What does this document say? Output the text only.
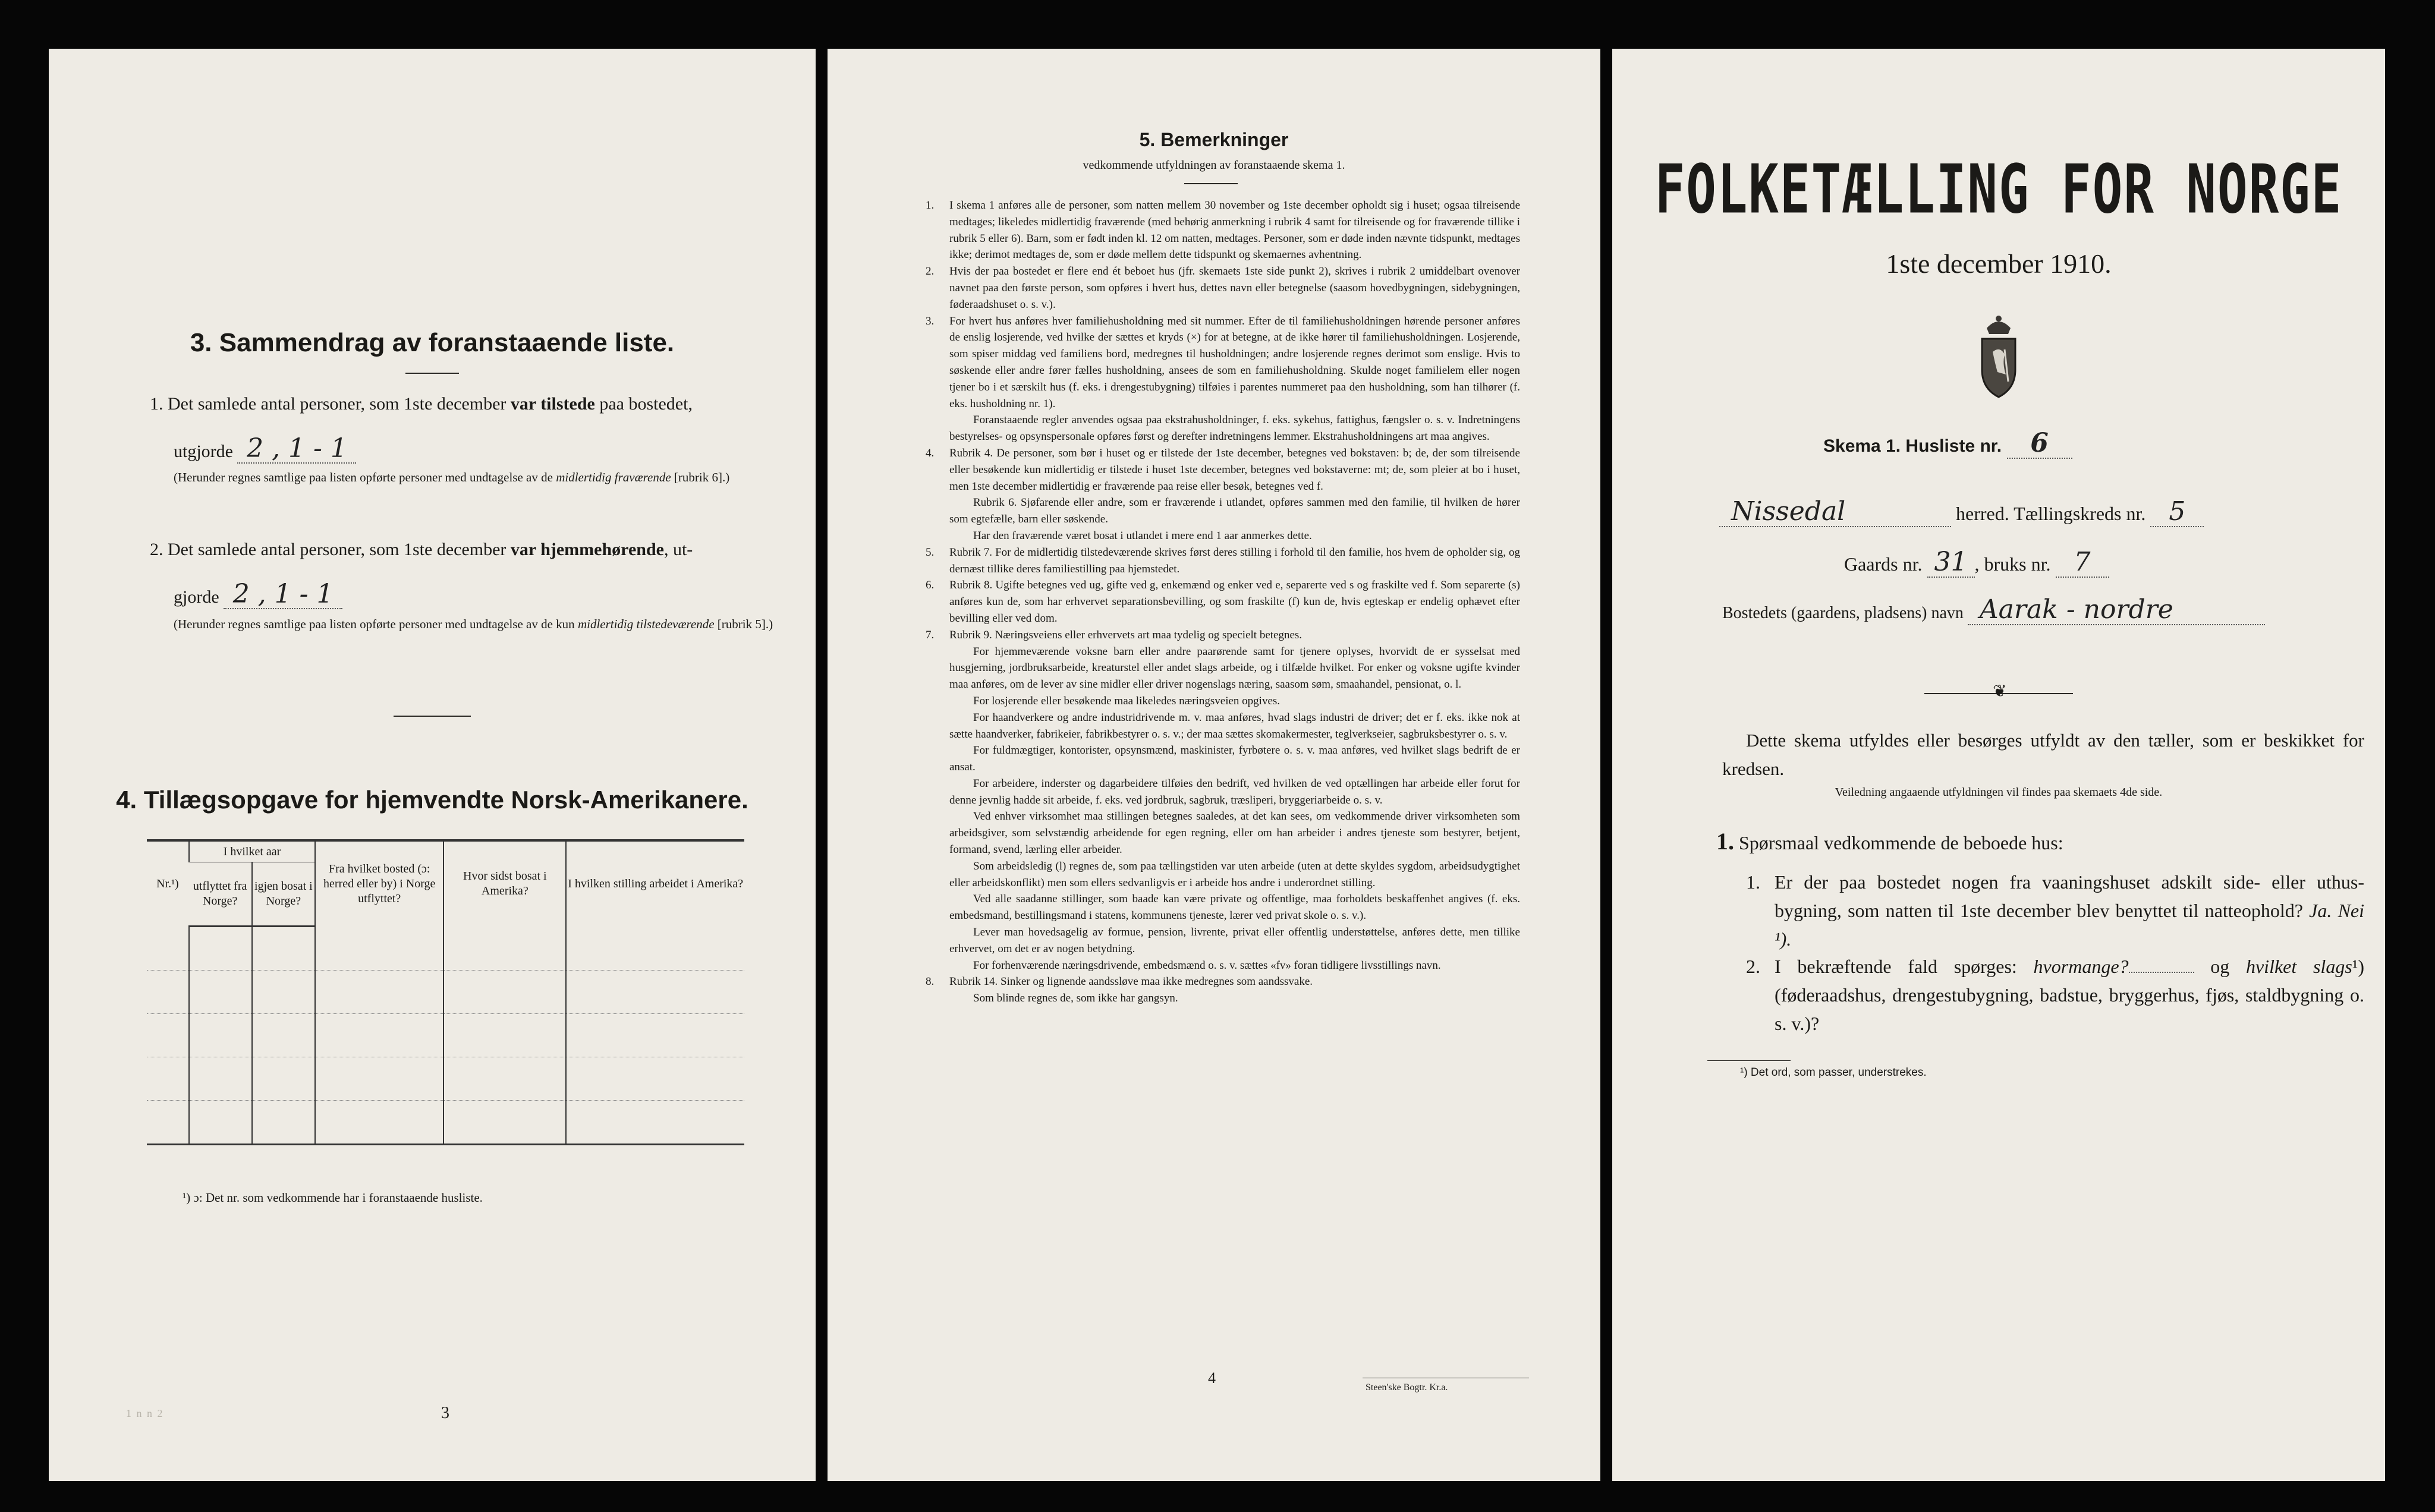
3. Sammendrag av foranstaaende liste.
1. Det samlede antal personer, som 1ste december var tilstede paa bostedet,
utgjorde 2 , 1 - 1
(Herunder regnes samtlige paa listen opførte personer med undtagelse av de midlertidig fraværende [rubrik 6].)
2. Det samlede antal personer, som 1ste december var hjemmehørende, ut-
gjorde 2 , 1 - 1
(Herunder regnes samtlige paa listen opførte personer med undtagelse av de kun midlertidig tilstedeværende [rubrik 5].)
4. Tillægsopgave for hjemvendte Norsk-Amerikanere.
Nr.¹)	I hvilket aar		Fra hvilket bosted (ɔ: herred eller by) i Norge utflyttet?	Hvor sidst bosat i Amerika?	I hvilken stilling arbeidet i Amerika?
	utflyttet fra Norge?	igjen bosat i Norge?			

¹) ɔ: Det nr. som vedkommende har i foranstaaende husliste.
3
1 n n 2
5. Bemerkninger
vedkommende utfyldningen av foranstaaende skema 1.

1. I skema 1 anføres alle de personer, som natten mellem 30 november og 1ste december opholdt sig i huset; ogsaa tilreisende medtages; likeledes midlertidig fraværende (med behørig anmerkning i rubrik 4 samt for tilreisende og for fraværende tillike i rubrik 5 eller 6). Barn, som er født inden kl. 12 om natten, medtages. Personer, som er døde inden nævnte tidspunkt, medtages ikke; derimot medtages de, som er døde mellem dette tidspunkt og skemaernes avhentning.

2. Hvis der paa bostedet er flere end ét beboet hus (jfr. skemaets 1ste side punkt 2), skrives i rubrik 2 umiddelbart ovenover navnet paa den første person, som opføres i hvert hus, dettes navn eller betegnelse (saasom hovedbygningen, sidebygningen, føderaadshuset o. s. v.).

3. For hvert hus anføres hver familiehusholdning med sit nummer. Efter de til familiehusholdningen hørende personer anføres de enslig losjerende, ved hvilke der sættes et kryds (×) for at betegne, at de ikke hører til familiehusholdningen. Losjerende, som spiser middag ved familiens bord, medregnes til husholdningen; andre losjerende regnes derimot som enslige. Hvis to søskende eller andre fører fælles husholdning, ansees de som en familiehusholdning. Skulde noget familielem eller nogen tjener bo i et særskilt hus (f. eks. i drengestubygning) tilføies i parentes nummeret paa den husholdning, som han tilhører (f. eks. husholdning nr. 1).

Foranstaaende regler anvendes ogsaa paa ekstrahusholdninger, f. eks. sykehus, fattighus, fængsler o. s. v. Indretningens bestyrelses- og opsynspersonale opføres først og derefter indretningens lemmer. Ekstrahusholdningens art maa angives.

4. Rubrik 4. De personer, som bør i huset og er tilstede der 1ste december, betegnes ved bokstaven: b; de, der som tilreisende eller besøkende kun midlertidig er tilstede i huset 1ste december, betegnes ved bokstaverne: mt; de, som pleier at bo i huset, men 1ste december midlertidig er fraværende paa reise eller besøk, betegnes ved f.

Rubrik 6. Sjøfarende eller andre, som er fraværende i utlandet, opføres sammen med den familie, til hvilken de hører som egtefælle, barn eller søskende.

Har den fraværende været bosat i utlandet i mere end 1 aar anmerkes dette.

5. Rubrik 7. For de midlertidig tilstedeværende skrives først deres stilling i forhold til den familie, hos hvem de opholder sig, og dernæst tillike deres familiestilling paa hjemstedet.

6. Rubrik 8. Ugifte betegnes ved ug, gifte ved g, enkemænd og enker ved e, separerte ved s og fraskilte ved f. Som separerte (s) anføres kun de, som har erhvervet separationsbevilling, og som fraskilte (f) kun de, hvis egteskap er endelig ophævet efter bevilling eller ved dom.

7. Rubrik 9. Næringsveiens eller erhvervets art maa tydelig og specielt betegnes.

For hjemmeværende voksne barn eller andre paarørende samt for tjenere oplyses, hvorvidt de er sysselsat med husgjerning, jordbruksarbeide, kreaturstel eller andet slags arbeide, og i tilfælde hvilket. For enker og voksne ugifte kvinder maa anføres, om de lever av sine midler eller driver nogenslags næring, saasom søm, smaahandel, pensionat, o. l.

For losjerende eller besøkende maa likeledes næringsveien opgives.

For haandverkere og andre industridrivende m. v. maa anføres, hvad slags industri de driver; det er f. eks. ikke nok at sætte haandverker, fabrikeier, fabrikbestyrer o. s. v.; der maa sættes skomakermester, teglverkseier, sagbruksbestyrer o. s. v.

For fuldmægtiger, kontorister, opsynsmænd, maskinister, fyrbøtere o. s. v. maa anføres, ved hvilket slags bedrift de er ansat.

For arbeidere, inderster og dagarbeidere tilføies den bedrift, ved hvilken de ved optællingen har arbeide eller forut for denne jevnlig hadde sit arbeide, f. eks. ved jordbruk, sagbruk, træsliperi, bryggeriarbeide o. s. v.

Ved enhver virksomhet maa stillingen betegnes saaledes, at det kan sees, om vedkommende driver virksomheten som arbeidsgiver, som selvstændig arbeidende for egen regning, eller om han arbeider i andres tjeneste som bestyrer, betjent, formand, svend, lærling eller arbeider.

Som arbeidsledig (l) regnes de, som paa tællingstiden var uten arbeide (uten at dette skyldes sygdom, arbeidsudygtighet eller arbeidskonflikt) men som ellers sedvanligvis er i arbeide hos andre i underordnet stilling.

Ved alle saadanne stillinger, som baade kan være private og offentlige, maa forholdets beskaffenhet angives (f. eks. embedsmand, bestillingsmand i statens, kommunens tjeneste, lærer ved privat skole o. s. v.).

Lever man hovedsagelig av formue, pension, livrente, privat eller offentlig understøttelse, anføres dette, men tillike erhvervet, om det er av nogen betydning.

For forhenværende næringsdrivende, embedsmænd o. s. v. sættes «fv» foran tidligere livsstillings navn.

8. Rubrik 14. Sinker og lignende aandssløve maa ikke medregnes som aandssvake.

Som blinde regnes de, som ikke har gangsyn.

4
Steen'ske Bogtr. Kr.a.
FOLKETÆLLING FOR NORGE
1ste december 1910.
Skema 1. Husliste nr. 6
Nissedal	herred. Tællingskreds nr. 5
Gaards nr. 31 , bruks nr. 7
Bostedets (gaardens, pladsens) navn Aarak - nordre
❦
Dette skema utfyldes eller besørges utfyldt av den tæller, som er beskikket for kredsen.
Veiledning angaaende utfyldningen vil findes paa skemaets 4de side.
1. Spørsmaal vedkommende de beboede hus:
1. Er der paa bostedet nogen fra vaaningshuset adskilt side- eller uthus-bygning, som natten til 1ste december blev benyttet til natteophold? Ja. Nei ¹).
2. I bekræftende fald spørges: hvormange?	og hvilket slags¹) (føderaadshus, drengestubygning, badstue, bryggerhus, fjøs, staldbygning o. s. v.)?
¹) Det ord, som passer, understrekes.
